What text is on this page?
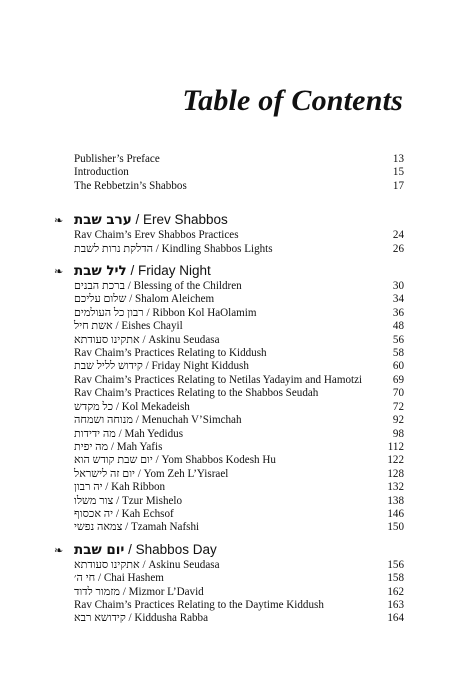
Table of Contents
Publisher’s Preface	13
Introduction	15
The Rebbetzin’s Shabbos	17
❧ ערב שבת / Erev Shabbos
Rav Chaim’s Erev Shabbos Practices	24
הדלקת נרות לשבת / Kindling Shabbos Lights	26
❧ ליל שבת / Friday Night
ברכת הבנים / Blessing of the Children	30
שלום עליכם / Shalom Aleichem	34
רבון כל העולמים / Ribbon Kol HaOlamim	36
אשת חיל / Eishes Chayil	48
אתקינו סעודתא / Askinu Seudasa	56
Rav Chaim’s Practices Relating to Kiddush	58
קידוש לליל שבת / Friday Night Kiddush	60
Rav Chaim’s Practices Relating to Netilas Yadayim and Hamotzi	69
Rav Chaim’s Practices Relating to the Shabbos Seudah	70
כל מקדש / Kol Mekadeish	72
מנוחה ושמחה / Menuchah V’Simchah	92
מה ידידות / Mah Yedidus	98
מה יפית / Mah Yafis	112
יום שבת קודש הוא / Yom Shabbos Kodesh Hu	122
יום זה לישראל / Yom Zeh L’Yisrael	128
יה רבון / Kah Ribbon	132
צור משלו / Tzur Mishelo	138
יה אכסוף / Kah Echsof	146
צמאה נפשי / Tzamah Nafshi	150
❧ יום שבת / Shabbos Day
אתקינו סעודתא / Askinu Seudasa	156
חי ה׳ / Chai Hashem	158
מזמור לדוד / Mizmor L’David	162
Rav Chaim’s Practices Relating to the Daytime Kiddush	163
קידושא רבא / Kiddusha Rabba	164
